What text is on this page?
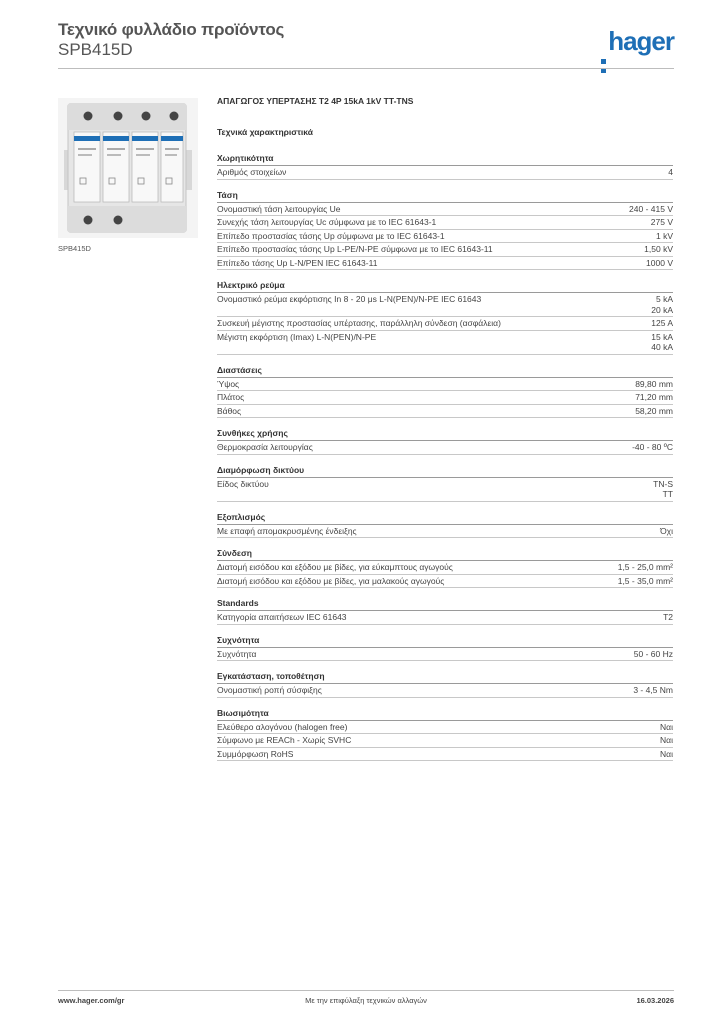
Τεχνικό φυλλάδιο προϊόντος
SPB415D	hager
SPB415D
ΑΠΑΓΩΓΟΣ ΥΠΕΡΤΑΣΗΣ T2 4P 15kA 1kV TT-TNS
Τεχνικά χαρακτηριστικά
Χωρητικότητα
Αριθμός στοιχείων	4
Τάση
Ονομαστική τάση λειτουργίας Ue	240 - 415 V
Συνεχής τάση λειτουργίας Uc σύμφωνα με το IEC 61643-1	275 V
Επίπεδο προστασίας τάσης Up σύμφωνα με το IEC 61643-1	1 kV
Επίπεδο προστασίας τάσης Up L-PE/N-PE σύμφωνα με το IEC 61643-11	1,50 kV
Επίπεδο τάσης Up L-N/PEN IEC 61643-11	1000 V
Ηλεκτρικό ρεύμα
Ονομαστικό ρεύμα εκφόρτισης In 8 - 20 μs L-N(PEN)/N-PE IEC 61643	5 kA
20 kA
Συσκευή μέγιστης προστασίας υπέρτασης, παράλληλη σύνδεση (ασφάλεια)	125 A
Μέγιστη εκφόρτιση (Imax) L-N(PEN)/N-PE	15 kA
40 kA
Διαστάσεις
Ύψος	89,80 mm
Πλάτος	71,20 mm
Βάθος	58,20 mm
Συνθήκες χρήσης
Θερμοκρασία λειτουργίας	-40 - 80 ºC
Διαμόρφωση δικτύου
Είδος δικτύου	TN-S
TT
Εξοπλισμός
Με επαφή απομακρυσμένης ένδειξης	Όχι
Σύνδεση
Διατομή εισόδου και εξόδου με βίδες, για εύκαμπτους αγωγούς	1,5 - 25,0 mm²
Διατομή εισόδου και εξόδου με βίδες, για μαλακούς αγωγούς	1,5 - 35,0 mm²
Standards
Κατηγορία απαιτήσεων IEC 61643	T2
Συχνότητα
Συχνότητα	50 - 60 Hz
Εγκατάσταση, τοποθέτηση
Ονομαστική ροπή σύσφιξης	3 - 4,5 Nm
Βιωσιμότητα
Ελεύθερο αλογόνου (halogen free)	Ναι
Σύμφωνο με REACh - Χωρίς SVHC	Ναι
Συμμόρφωση RoHS	Ναι
www.hager.com/gr	Με την επιφύλαξη τεχνικών αλλαγών	16.03.2026
